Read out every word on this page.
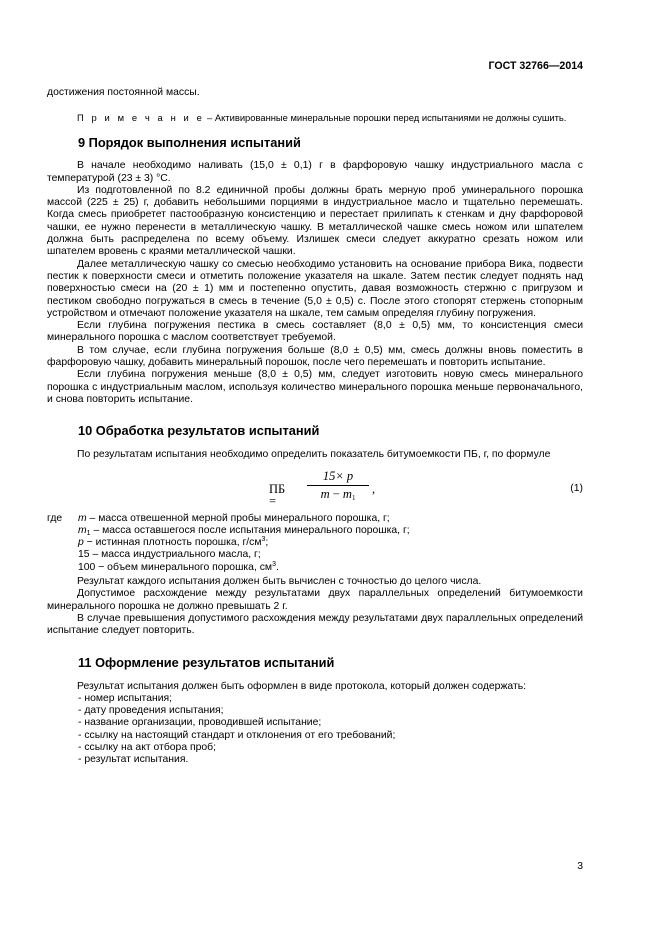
ГОСТ 32766—2014

достижения постоянной массы.

П р и м е ч а н и е – Активированные минеральные порошки перед испытаниями не должны сушить.

9 Порядок выполнения испытаний

В начале необходимо наливать (15,0 ± 0,1) г в фарфоровую чашку индустриального масла с температурой (23 ± 3) °С.

Из подготовленной по 8.2 единичной пробы должны брать мерную проб уминерального порошка массой (225 ± 25) г, добавить небольшими порциями в индустриальное масло и тщательно перемешать. Когда смесь приобретет пастообразную консистенцию и перестает прилипать к стенкам и дну фарфоровой чашки, ее нужно перенести в металлическую чашку. В металлической чашке смесь ножом или шпателем должна быть распределена по всему объему. Излишек смеси следует аккуратно срезать ножом или шпателем вровень с краями металлической чашки.

Далее металлическую чашку со смесью необходимо установить на основание прибора Вика, подвести пестик к поверхности смеси и отметить положение указателя на шкале. Затем пестик следует поднять над поверхностью смеси на (20 ± 1) мм и постепенно опустить, давая возможность стержню с пригрузом и пестиком свободно погружаться в смесь в течение (5,0 ± 0,5) с. После этого стопорят стержень стопорным устройством и отмечают положение указателя на шкале, тем самым определяя глубину погружения.

Если глубина погружения пестика в смесь составляет (8,0 ± 0,5) мм, то консистенция смеси минерального порошка с маслом соответствует требуемой.

В том случае, если глубина погружения больше (8,0 ± 0,5) мм, смесь должны вновь поместить в фарфоровую чашку, добавить минеральный порошок, после чего перемешать и повторить испытание.

Если глубина погружения меньше (8,0 ± 0,5) мм, следует изготовить новую смесь минерального порошка с индустриальным маслом, используя количество минерального порошка меньше первоначального, и снова повторить испытание.

10 Обработка результатов испытаний

По результатам испытания необходимо определить показатель битумоемкости ПБ, г, по формуле

ПБ =
15× p
$m - m_1$
,	(1)
где m – масса отвешенной мерной пробы минерального порошка, г;
$m_1$ – масса оставшегося после испытания минерального порошка, г;
p − истинная плотность порошка, $г/см^3$;
15 – масса индустриального масла, г;
100 − объем минерального порошка, $см^3$.

Результат каждого испытания должен быть вычислен с точностью до целого числа.

Допустимое расхождение между результатами двух параллельных определений битумоемкости минерального порошка не должно превышать 2 г.

В случае превышения допустимого расхождения между результатами двух параллельных определений испытание следует повторить.

11 Оформление результатов испытаний

Результат испытания должен быть оформлен в виде протокола, который должен содержать:

- номер испытания;

- дату проведения испытания;

- название организации, проводившей испытание;

- ссылку на настоящий стандарт и отклонения от его требований;

- ссылку на акт отбора проб;

- результат испытания.

3
